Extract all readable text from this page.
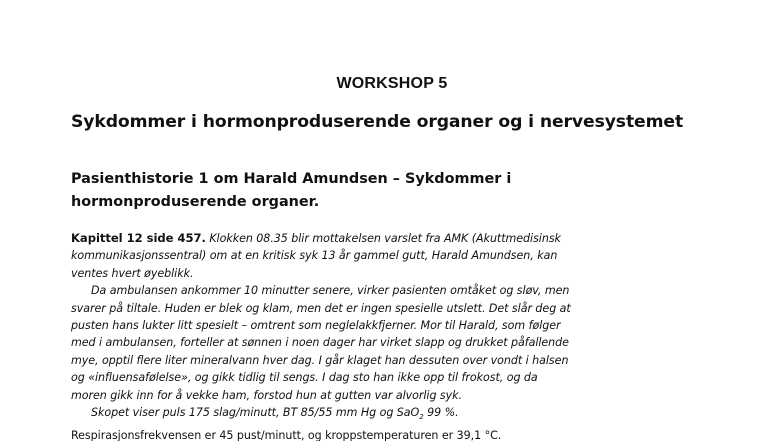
WORKSHOP 5
Sykdommer i hormonproduserende organer og i nervesystemet
Pasienthistorie 1 om Harald Amundsen – Sykdommer i
hormonproduserende organer.
Kapittel 12 side 457. Klokken 08.35 blir mottakelsen varslet fra AMK (Akuttmedisinsk
kommunikasjonssentral) om at en kritisk syk 13 år gammel gutt, Harald Amundsen, kan
ventes hvert øyeblikk.
Da ambulansen ankommer 10 minutter senere, virker pasienten omtåket og sløv, men
svarer på tiltale. Huden er blek og klam, men det er ingen spesielle utslett. Det slår deg at
pusten hans lukter litt spesielt – omtrent som neglelakkfjerner. Mor til Harald, som følger
med i ambulansen, forteller at sønnen i noen dager har virket slapp og drukket påfallende
mye, opptil flere liter mineralvann hver dag. I går klaget han dessuten over vondt i halsen
og «influensafølelse», og gikk tidlig til sengs. I dag sto han ikke opp til frokost, og da
moren gikk inn for å vekke ham, forstod hun at gutten var alvorlig syk.
Skopet viser puls 175 slag/minutt, BT 85/55 mm Hg og SaO$_2$ 99 %.
Respirasjonsfrekvensen er 45 pust/minutt, og kroppstemperaturen er 39,1 °C.
